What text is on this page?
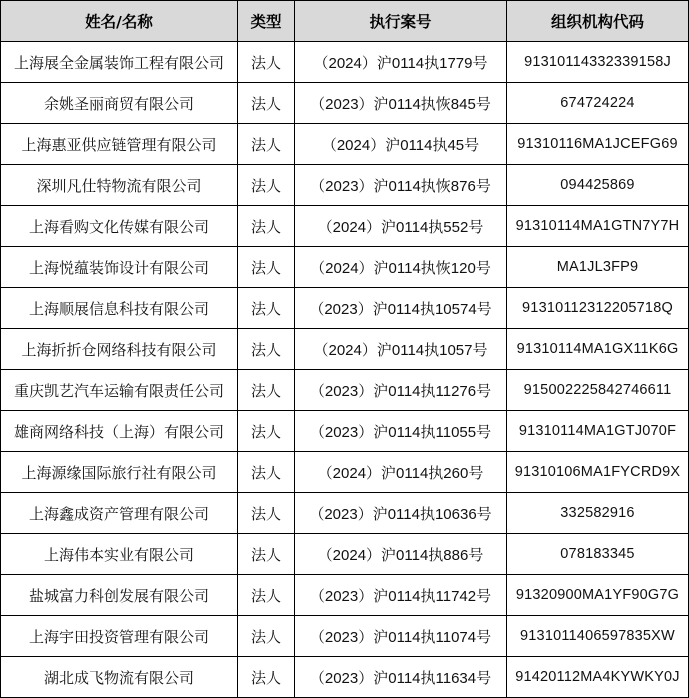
姓名/名称	类型	执行案号	组织机构代码
上海展全金属装饰工程有限公司	法人	（2024）沪0114执1779号	91310114332339158J
余姚圣丽商贸有限公司	法人	（2023）沪0114执恢845号	674724224
上海惠亚供应链管理有限公司	法人	（2024）沪0114执45号	91310116MA1JCEFG69
深圳凡仕特物流有限公司	法人	（2023）沪0114执恢876号	094425869
上海看购文化传媒有限公司	法人	（2024）沪0114执552号	91310114MA1GTN7Y7H
上海悦蕴装饰设计有限公司	法人	（2024）沪0114执恢120号	MA1JL3FP9
上海顺展信息科技有限公司	法人	（2023）沪0114执10574号	91310112312205718Q
上海折折仓网络科技有限公司	法人	（2024）沪0114执1057号	91310114MA1GX11K6G
重庆凯艺汽车运输有限责任公司	法人	（2023）沪0114执11276号	915002225842746611
雄商网络科技（上海）有限公司	法人	（2023）沪0114执11055号	91310114MA1GTJ070F
上海源缘国际旅行社有限公司	法人	（2024）沪0114执260号	91310106MA1FYCRD9X
上海鑫成资产管理有限公司	法人	（2023）沪0114执10636号	332582916
上海伟本实业有限公司	法人	（2024）沪0114执886号	078183345
盐城富力科创发展有限公司	法人	（2023）沪0114执11742号	91320900MA1YF90G7G
上海宇田投资管理有限公司	法人	（2023）沪0114执11074号	9131011406597835XW
湖北成飞物流有限公司	法人	（2023）沪0114执11634号	91420112MA4KYWKY0J
